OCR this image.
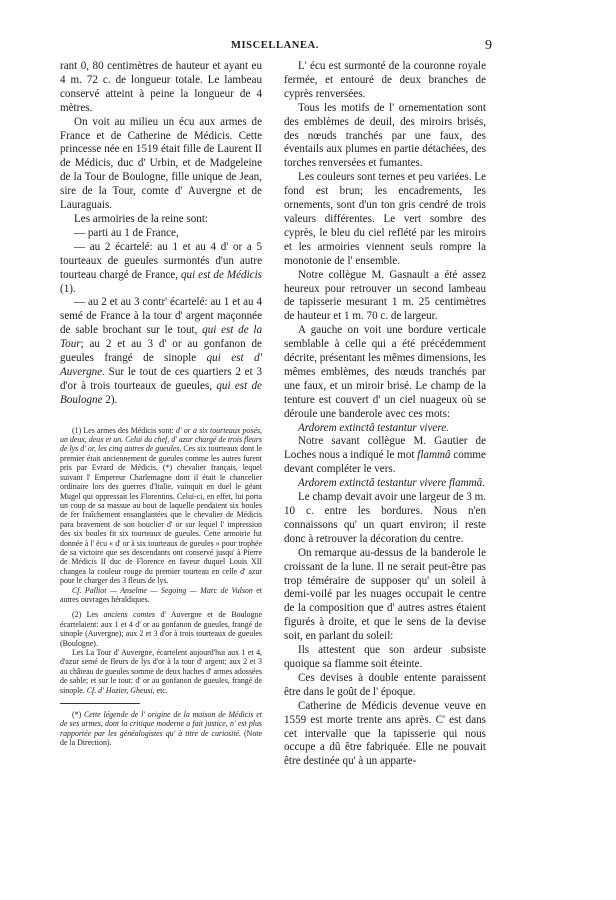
MISCELLANEA.	9

rant 0, 80 centimètres de hauteur et ayant eu 4 m. 72 c. de longueur totale. Le lambeau conservé atteint à peine la longueur de 4 mètres.

On voit au milieu un écu aux armes de France et de Catherine de Médicis. Cette princesse née en 1519 était fille de Laurent II de Médicis, duc d' Urbin, et de Madgeleine de la Tour de Boulogne, fille unique de Jean, sire de la Tour, comte d' Auvergne et de Lauraguais.

Les armoiries de la reine sont:

— parti au 1 de France,

— au 2 écartelé: au 1 et au 4 d' or a 5 tourteaux de gueules surmontés d'un autre tourteau chargé de France, qui est de Médicis (1).

— au 2 et au 3 contr' écartelé: au 1 et au 4 semé de France à la tour d' argent maçonnée de sable brochant sur le tout, qui est de la Tour; au 2 et au 3 d' or au gonfanon de gueules frangé de sinople qui est d' Auvergne. Sur le tout de ces quartiers 2 et 3 d'or à trois tourteaux de gueules, qui est de Boulogne 2).

(1) Les armes des Médicis sont: d' or a six tourteaux posés, un deux, deux et un. Celui du chef, d' azur chargé de trois fleurs de lys d' or, les cinq autres de gueules. Ces six tourteaux dont le premier était anciennement de gueules comme les autres furent pris par Evrard de Médicis, (*) chevalier français, lequel suivant l' Empereur Charlemagne dont il était le chancelier ordinaire lors des guerres d'Italie, vainquit en duel le géant Mugel qui oppressait les Florentins. Celui-ci, en effet, lui porta un coup de sa massue au bout de laquelle pendaient six boules de fer fraîchement ensanglantées que le chevalier de Médicis para bravement de son bouclier d' or sur lequel l' impression des six boules fit six tourteaux de gueules. Cette armoirie fut donnée à l' écu « d' or à six tourteaux de gueules » pour trophée de sa victoire que ses descendants ont conservé jusqu' à Pierre de Médicis II duc de Florence en faveur duquel Louis XII changea la couleur rouge du premier tourteau en celle d' azur pour le charger des 3 fleurs de lys.

Cf. Palliot — Anselme — Segoing — Marc de Vulson et autres ouvrages héraldiques.

(2) Les anciens comtes d' Auvergne et de Boulogne écartelaient: aux 1 et 4 d' or au gonfanon de gueules, frangé de sinople (Auvergne); aux 2 et 3 d'or à trois tourteaux de gueules (Boulogne).

Les La Tour d' Auvergne, écartelent aujourd'hui aux 1 et 4, d'azur semé de fleurs de lys d'or à la tour d' argent; aux 2 et 3 au château de gueules somme de deux haches d' armes adossées de sable; et sur le tout: d' or au gonfanon de gueules, frangé de sinople. Cf. d' Hozier, Gheusi, etc.

(*) Cette légende de l' origine de la maison de Médicis et de ses armes, dont la critique moderne a fait justice, n' est plus rapportée par les généalogistes qu' à titre de curiosité. (Note de la Direction).

L' écu est surmonté de la couronne royale fermée, et entouré de deux branches de cyprès renversées.

Tous les motifs de l' ornementation sont des emblèmes de deuil, des miroirs brisés, des nœuds tranchés par une faux, des éventails aux plumes en partie détachées, des torches renversées et fumantes.

Les couleurs sont ternes et peu variées. Le fond est brun; les encadrements, les ornements, sont d'un ton gris cendré de trois valeurs différentes. Le vert sombre des cyprès, le bleu du ciel reflété par les miroirs et les armoiries viennent seuls rompre la monotonie de l' ensemble.

Notre collègue M. Gasnault a été assez heureux pour retrouver un second lambeau de tapisserie mesurant 1 m. 25 centimètres de hauteur et 1 m. 70 c. de largeur.

A gauche on voit une bordure verticale semblable à celle qui a été précédemment décrite, présentant les mêmes dimensions, les mêmes emblèmes, des nœuds tranchés par une faux, et un miroir brisé. Le champ de la tenture est couvert d' un ciel nuageux où se déroule une banderole avec ces mots:

Ardorem extinctâ testantur vivere.

Notre savant collègue M. Gautier de Loches nous a indiqué le mot flammâ comme devant compléter le vers.

Ardorem extinctâ testantur vivere flammâ.

Le champ devait avoir une largeur de 3 m. 10 c. entre les bordures. Nous n'en connaissons qu' un quart environ; il reste donc à retrouver la décoration du centre.

On remarque au-dessus de la banderole le croissant de la lune. Il ne serait peut-être pas trop téméraire de supposer qu' un soleil à demi-voilé par les nuages occupait le centre de la composition que d' autres astres étaient figurés à droite, et que le sens de la devise soit, en parlant du soleil:

Ils attestent que son ardeur subsiste quoique sa flamme soit éteinte.

Ces devises à double entente paraissent être dans le goût de l' époque.

Catherine de Médicis devenue veuve en 1559 est morte trente ans après. C' est dans cet intervalle que la tapisserie qui nous occupe a dû être fabriquée. Elle ne pouvait être destinée qu' à un apparte-
